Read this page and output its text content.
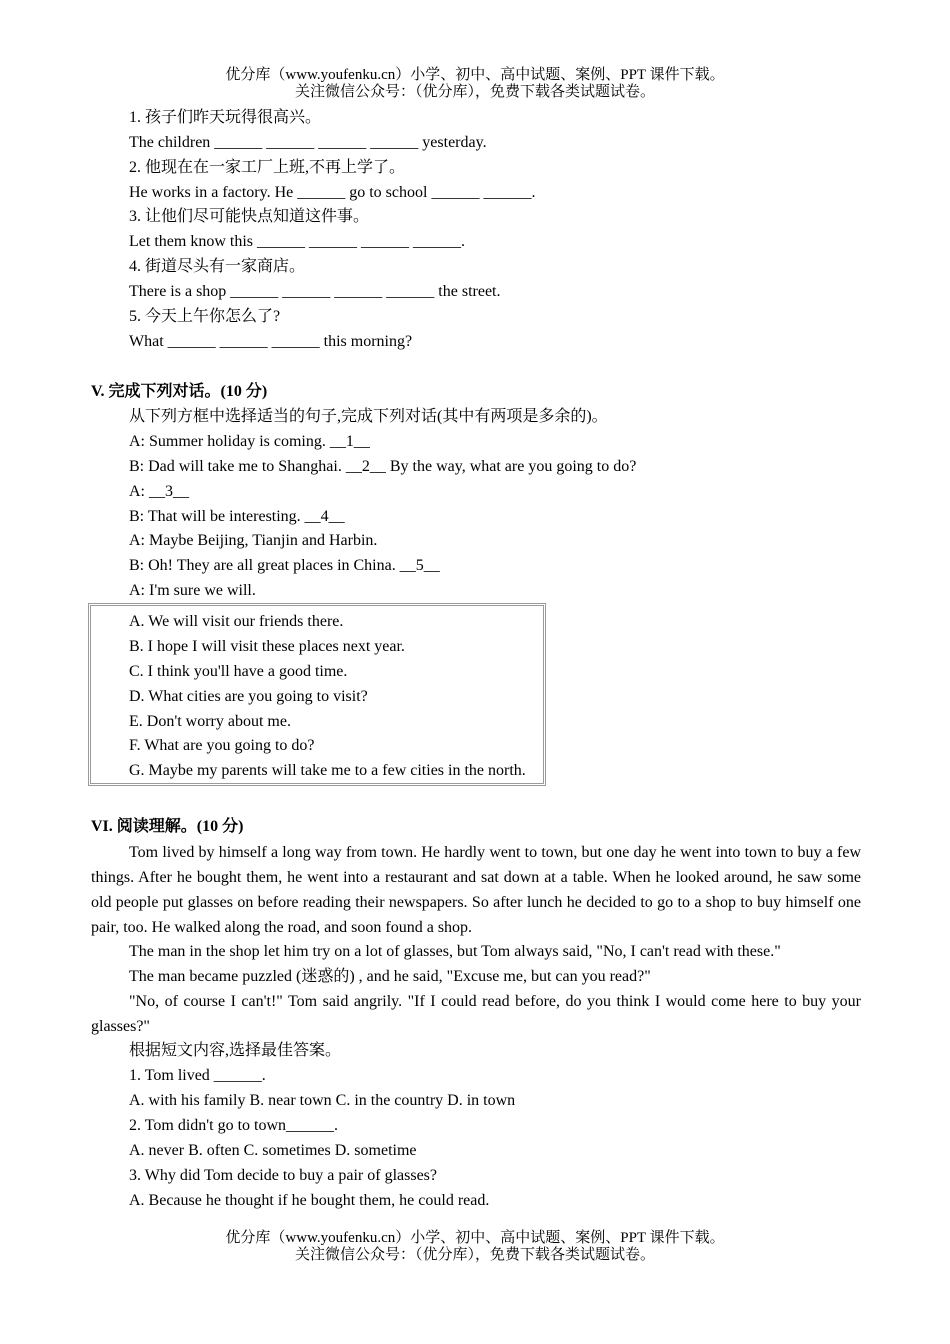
优分库（www.youfenku.cn）小学、初中、高中试题、案例、PPT 课件下载。
关注微信公众号：（优分库），免费下载各类试题试卷。
1. 孩子们昨天玩得很高兴。
The children ______ ______ ______ ______ yesterday.
2. 他现在在一家工厂上班,不再上学了。
He works in a factory. He ______ go to school ______ ______.
3. 让他们尽可能快点知道这件事。
Let them know this ______ ______ ______ ______.
4. 街道尽头有一家商店。
There is a shop ______ ______ ______ ______ the street.
5. 今天上午你怎么了?
What ______ ______ ______ this morning?
V. 完成下列对话。(10 分)
从下列方框中选择适当的句子,完成下列对话(其中有两项是多余的)。
A: Summer holiday is coming. __1__
B: Dad will take me to Shanghai. __2__ By the way, what are you going to do?
A: __3__
B: That will be interesting. __4__
A: Maybe Beijing, Tianjin and Harbin.
B: Oh! They are all great places in China. __5__
A: I'm sure we will.
A. We will visit our friends there.
B. I hope I will visit these places next year.
C. I think you'll have a good time.
D. What cities are you going to visit?
E. Don't worry about me.
F. What are you going to do?
G. Maybe my parents will take me to a few cities in the north.
VI. 阅读理解。(10 分)
Tom lived by himself a long way from town. He hardly went to town, but one day he went into town to buy a few things. After he bought them, he went into a restaurant and sat down at a table. When he looked around, he saw some old people put glasses on before reading their newspapers. So after lunch he decided to go to a shop to buy himself one pair, too. He walked along the road, and soon found a shop.
The man in the shop let him try on a lot of glasses, but Tom always said, "No, I can't read with these."
The man became puzzled (迷惑的) , and he said, "Excuse me, but can you read?"
"No, of course I can't!" Tom said angrily. "If I could read before, do you think I would come here to buy your glasses?"
根据短文内容,选择最佳答案。
1. Tom lived ______.
A. with his family B. near town C. in the country D. in town
2. Tom didn't go to town______.
A. never B. often C. sometimes D. sometime
3. Why did Tom decide to buy a pair of glasses?
A. Because he thought if he bought them, he could read.
优分库（www.youfenku.cn）小学、初中、高中试题、案例、PPT 课件下载。
关注微信公众号：（优分库），免费下载各类试题试卷。
